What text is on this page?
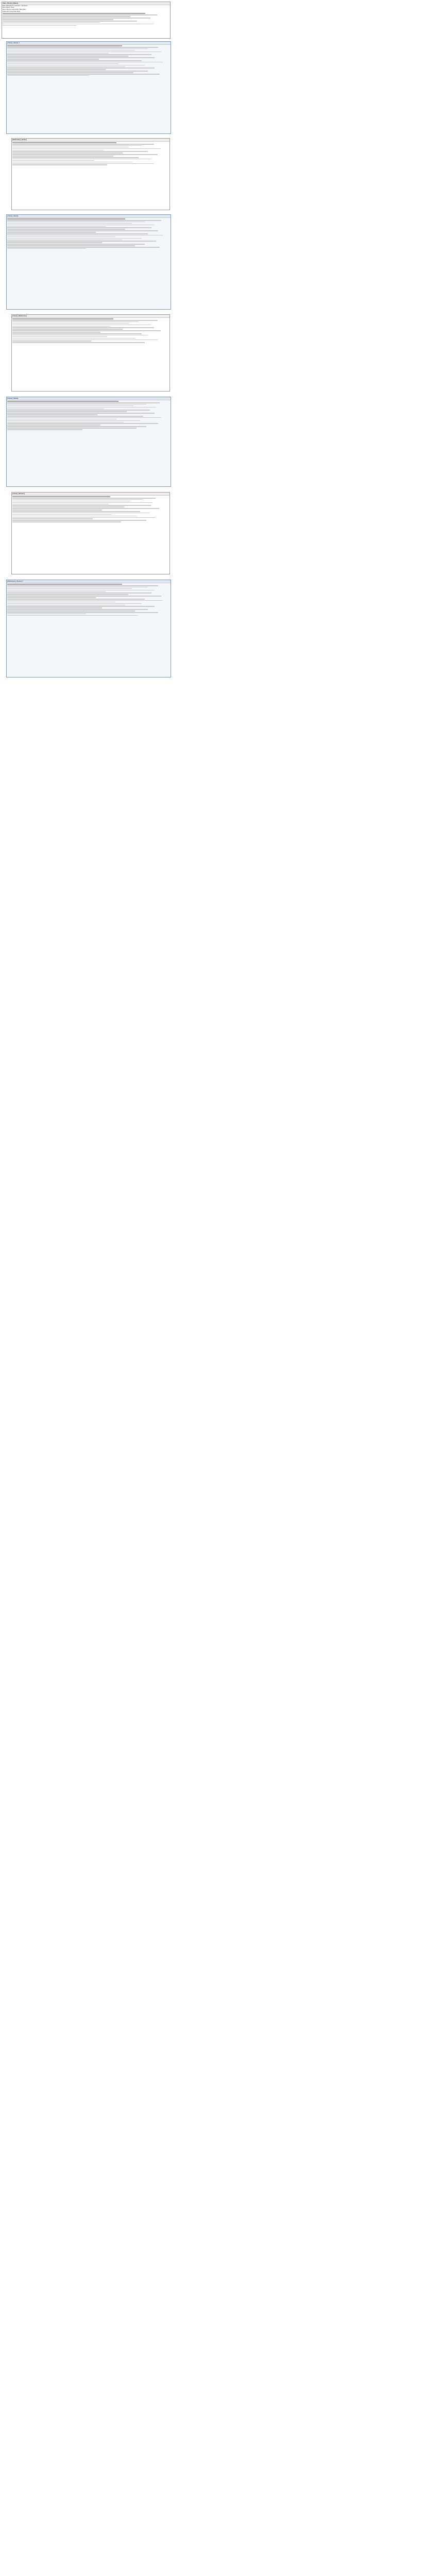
Show {Notes} {Sheet}
Date 2023-09-25 11:59 UTC · Reviewer
Description: Notes
Record ID Account Status Time Entry
Name Ref Group Date Entry
{Notes} {Sheet} 1
{Reference} {Notes}
{Notes} {Sheet}
{Notes} {Reference}
{Notes} {Sheet}
{Notes} {Review}
{Reference} {Notes} 2
